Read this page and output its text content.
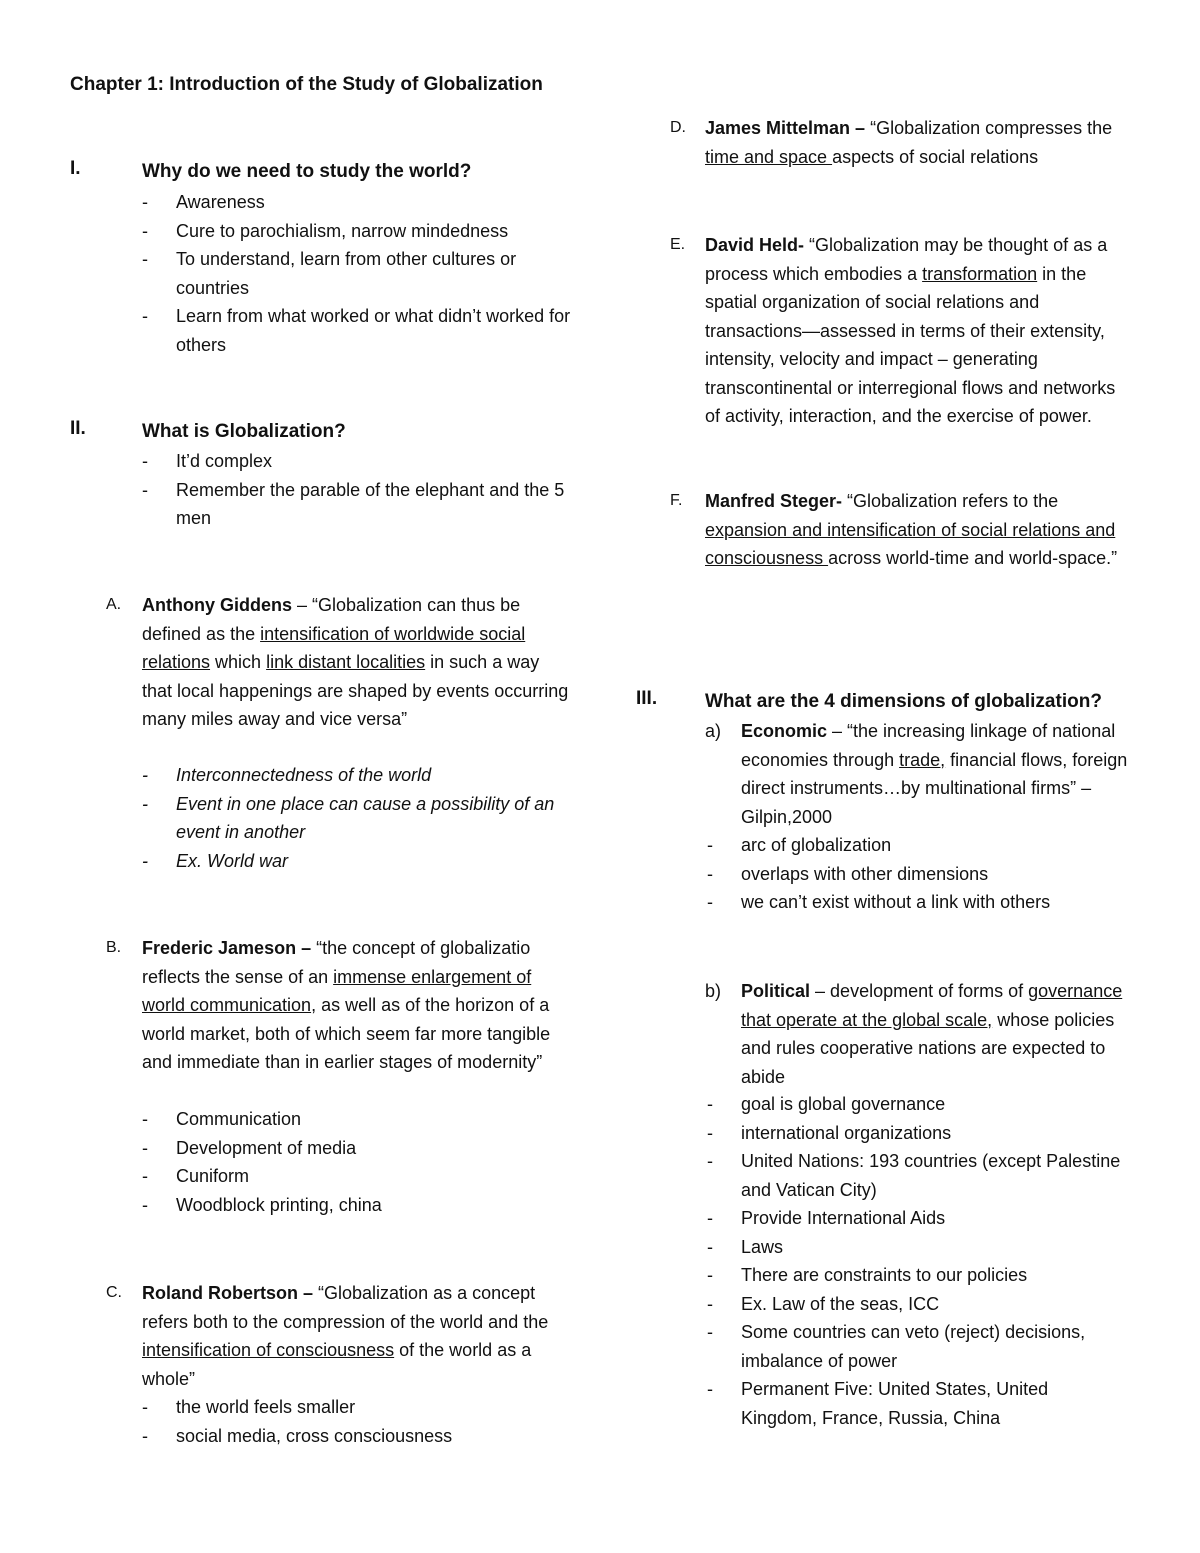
Chapter 1: Introduction of the Study of Globalization
I.	Why do we need to study the world?
- Awareness
- Cure to parochialism, narrow mindedness
- To understand, learn from other cultures or countries
- Learn from what worked or what didn’t worked for others
II.	What is Globalization?
- It’d complex
- Remember the parable of the elephant and the 5 men
A. Anthony Giddens – “Globalization can thus be defined as the intensification of worldwide social relations which link distant localities in such a way that local happenings are shaped by events occurring many miles away and vice versa”
- Interconnectedness of the world
- Event in one place can cause a possibility of an event in another
- Ex. World war
B. Frederic Jameson – “the concept of globalizatio reflects the sense of an immense enlargement of world communication, as well as of the horizon of a world market, both of which seem far more tangible and immediate than in earlier stages of modernity”
- Communication
- Development of media
- Cuniform
- Woodblock printing, china
C. Roland Robertson – “Globalization as a concept refers both to the compression of the world and the intensification of consciousness of the world as a whole”
- the world feels smaller
- social media, cross consciousness
D. James Mittelman – “Globalization compresses the time and space aspects of social relations
E. David Held- “Globalization may be thought of as a process which embodies a transformation in the spatial organization of social relations and transactions—assessed in terms of their extensity, intensity, velocity and impact – generating transcontinental or interregional flows and networks of activity, interaction, and the exercise of power.
F. Manfred Steger- “Globalization refers to the expansion and intensification of social relations and consciousness across world-time and world-space.”
III.	What are the 4 dimensions of globalization?
a) Economic – “the increasing linkage of national economies through trade, financial flows, foreign direct instruments…by multinational firms” – Gilpin,2000
- arc of globalization
- overlaps with other dimensions
- we can’t exist without a link with others
b) Political – development of forms of governance that operate at the global scale, whose policies and rules cooperative nations are expected to abide
- goal is global governance
- international organizations
- United Nations: 193 countries (except Palestine and Vatican City)
- Provide International Aids
- Laws
- There are constraints to our policies
- Ex. Law of the seas, ICC
- Some countries can veto (reject) decisions, imbalance of power
- Permanent Five: United States, United Kingdom, France, Russia, China
